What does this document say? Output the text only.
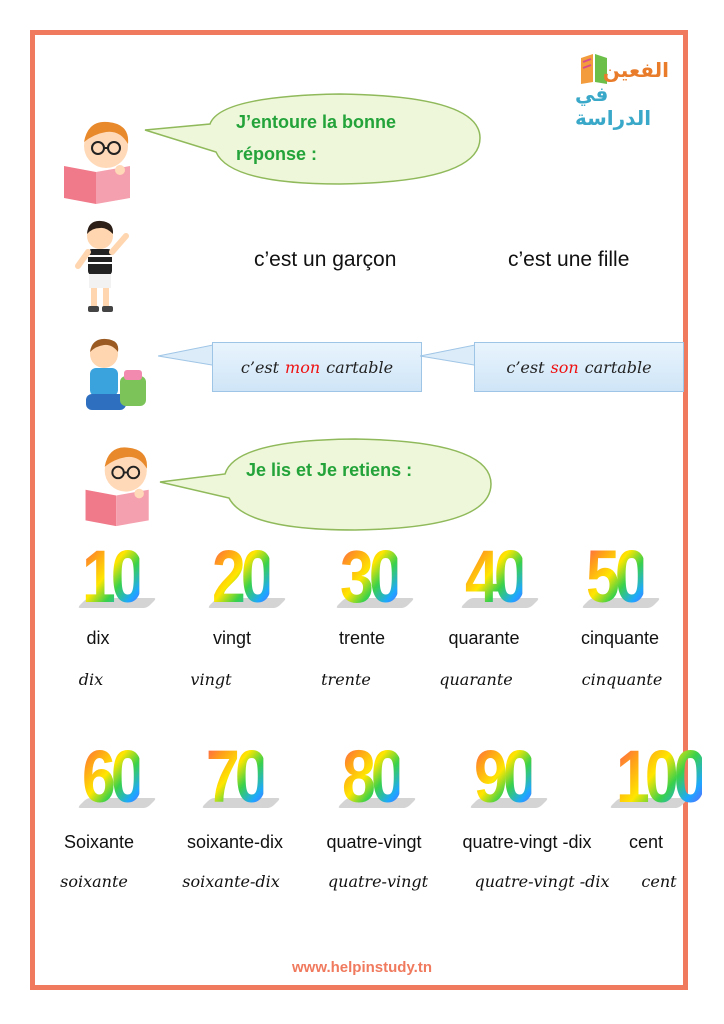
الفعين
في الدراسة
J’entoure la bonne
réponse :
c’est un garçon	c’est une fille
c’est mon cartable	c’est son cartable
Je lis et Je retiens :
10 20 30 40 50
dix	vingt	trente	quarante	cinquante
dix	vingt	trente	quarante	cinquante
60 70 80 90 100
Soixante	soixante-dix	quatre-vingt	quatre-vingt -dix	cent
soixante	soixante-dix	quatre-vingt	quatre-vingt -dix	cent
www.helpinstudy.tn
